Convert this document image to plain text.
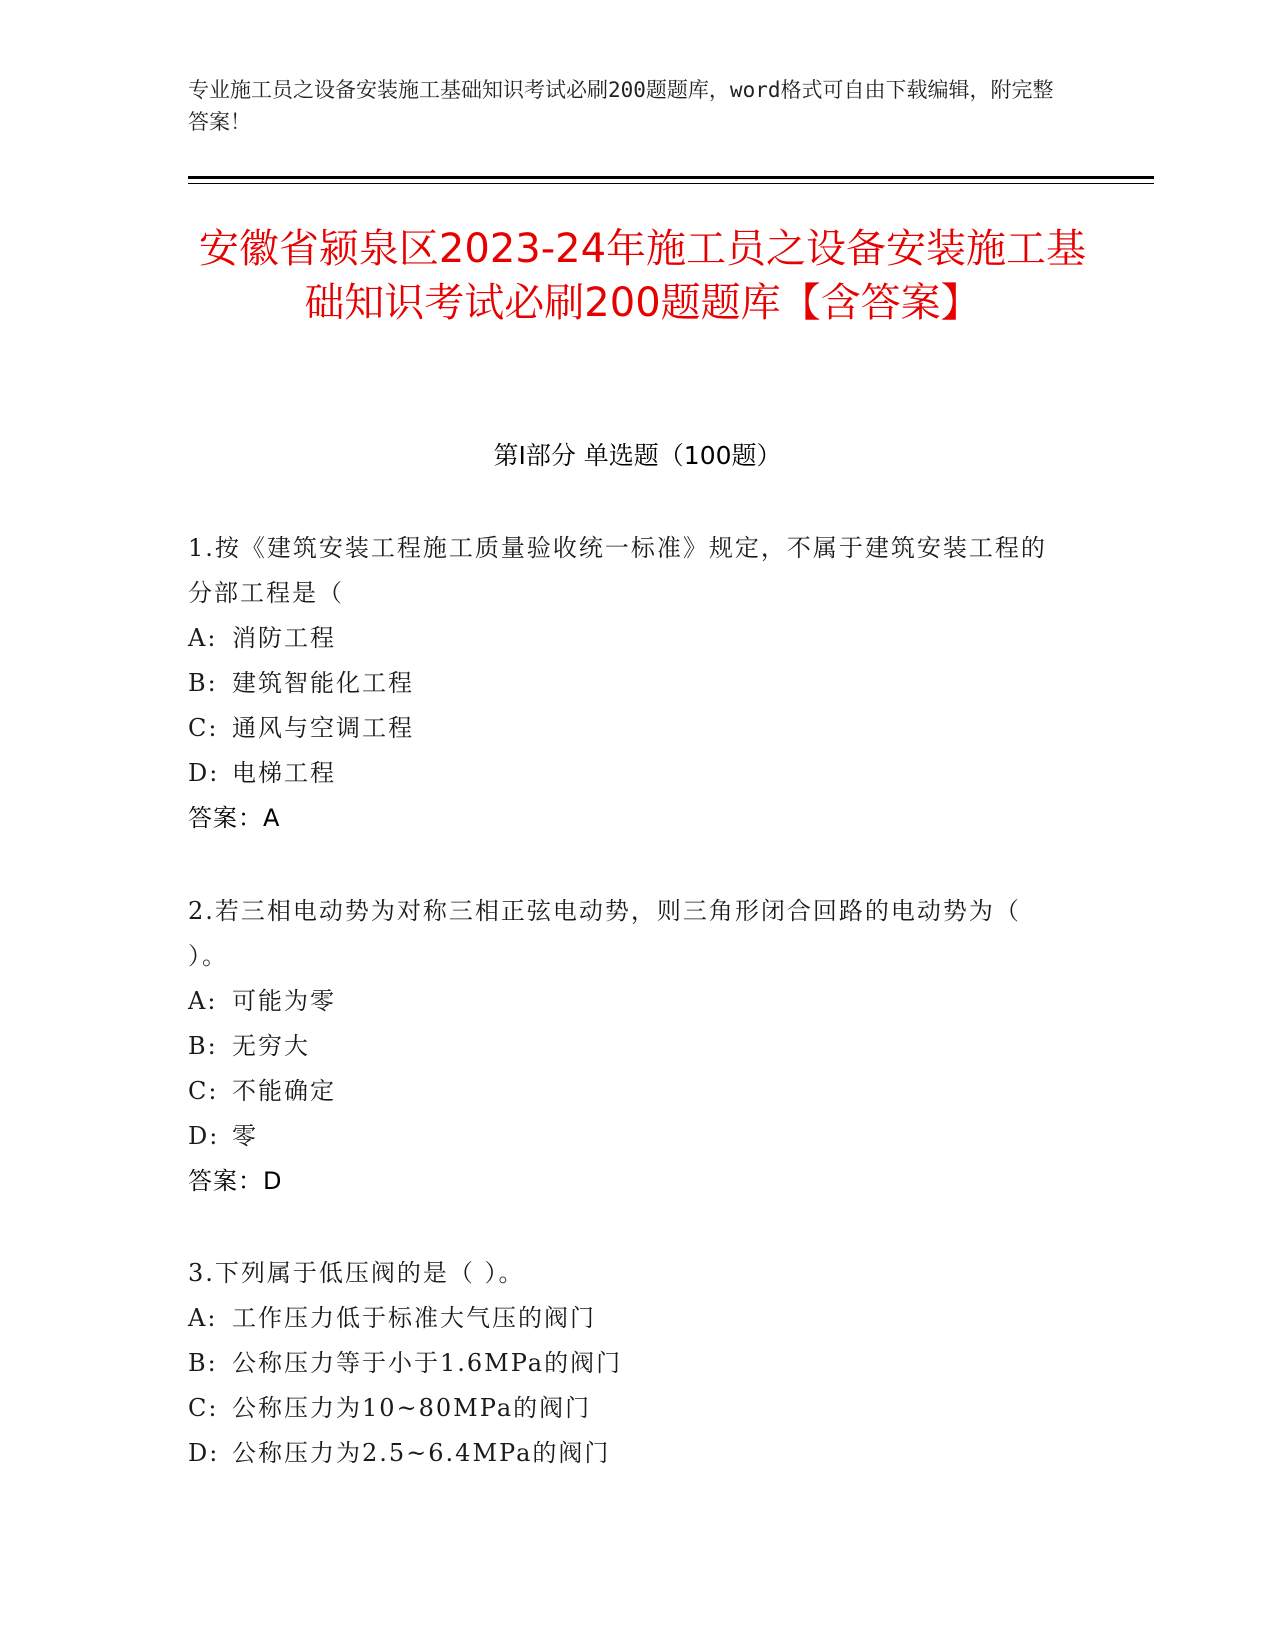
专业施工员之设备安装施工基础知识考试必刷200题题库，word格式可自由下载编辑，附完整答案！
安徽省颍泉区2023-24年施工员之设备安装施工基础知识考试必刷200题题库【含答案】
第Ⅰ部分 单选题（100题）
1.按《建筑安装工程施工质量验收统一标准》规定，不属于建筑安装工程的分部工程是（
A: 消防工程
B: 建筑智能化工程
C: 通风与空调工程
D: 电梯工程
答案：A
2.若三相电动势为对称三相正弦电动势，则三角形闭合回路的电动势为（ ）。
A: 可能为零
B: 无穷大
C: 不能确定
D: 零
答案：D
3.下列属于低压阀的是（ ）。
A: 工作压力低于标准大气压的阀门
B: 公称压力等于小于1.6MPa的阀门
C: 公称压力为10~80MPa的阀门
D: 公称压力为2.5~6.4MPa的阀门
